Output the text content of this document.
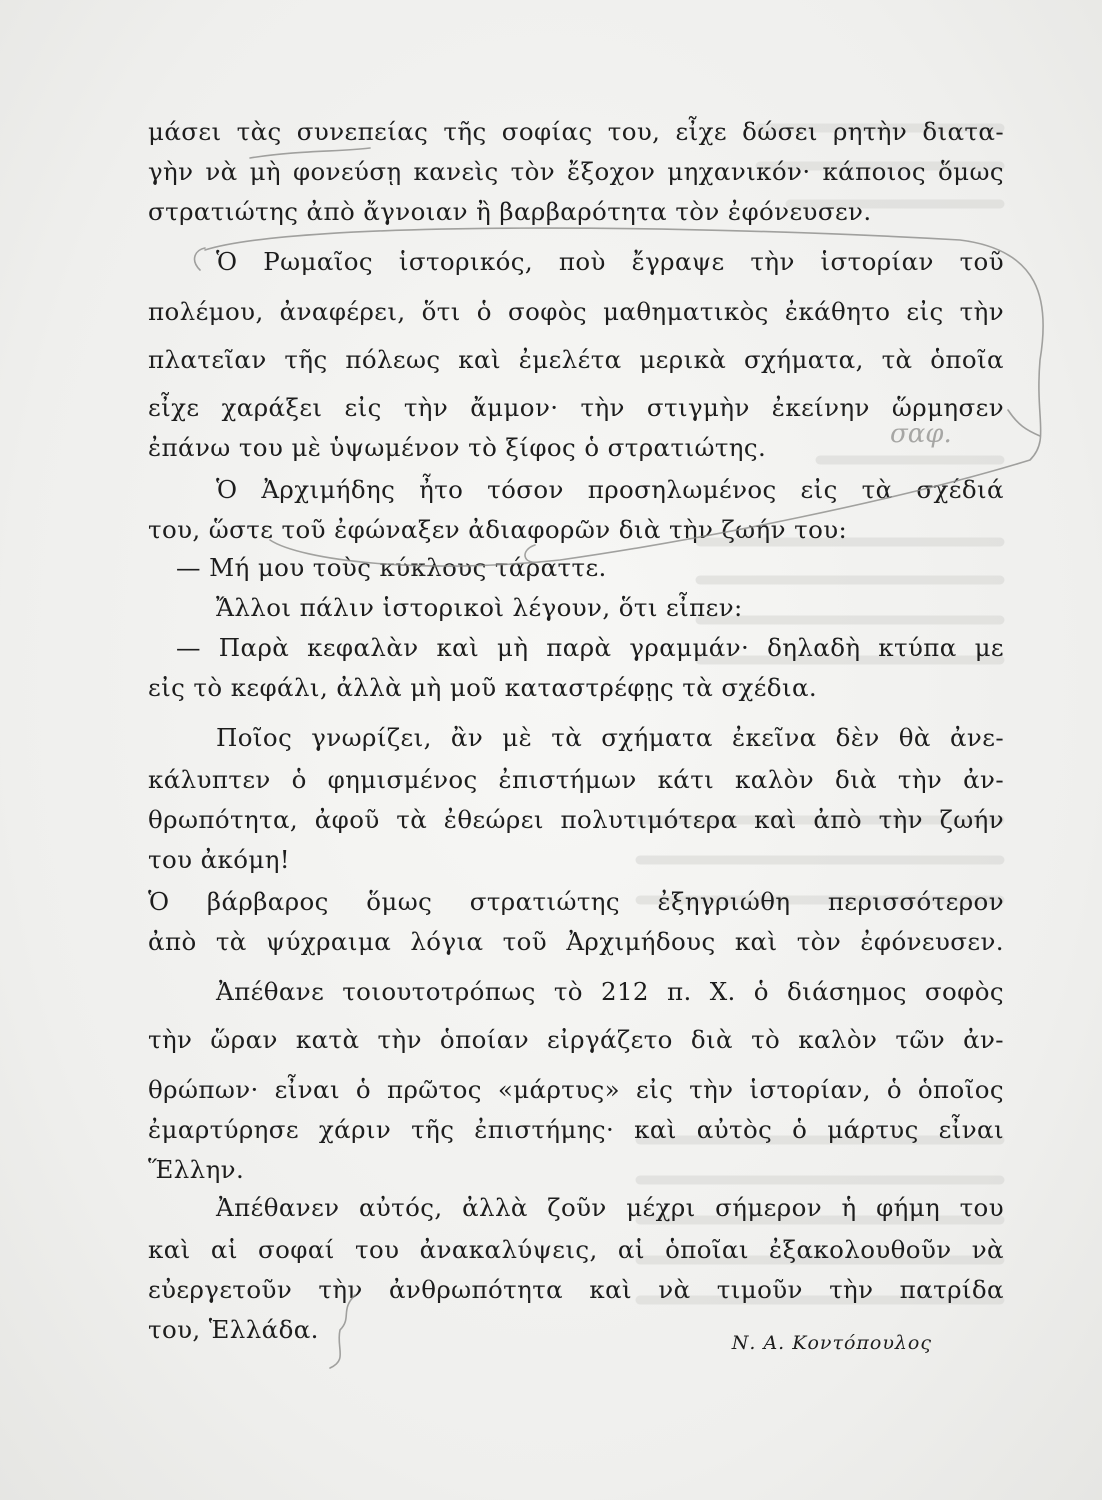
μάσει τὰς συνεπείας τῆς σοφίας του, εἶχε δώσει ρητὴν διατα-
γὴν νὰ μὴ φονεύσῃ κανεὶς τὸν ἔξοχον μηχανικόν· κάποιος ὅμως
στρατιώτης ἀπὸ ἄγνοιαν ἢ βαρβαρότητα τὸν ἐφόνευσεν.
Ὁ Ρωμαῖος ἱστορικός, ποὺ ἔγραψε τὴν ἱστορίαν τοῦ
πολέμου, ἀναφέρει, ὅτι ὁ σοφὸς μαθηματικὸς ἐκάθητο εἰς τὴν
πλατεῖαν τῆς πόλεως καὶ ἐμελέτα μερικὰ σχήματα, τὰ ὁποῖα
εἶχε χαράξει εἰς τὴν ἄμμον· τὴν στιγμὴν ἐκείνην ὥρμησεν
ἐπάνω του μὲ ὑψωμένον τὸ ξίφος ὁ στρατιώτης.
Ὁ Ἀρχιμήδης ἦτο τόσον προσηλωμένος εἰς τὰ σχέδιά
του, ὥστε τοῦ ἐφώναξεν ἀδιαφορῶν διὰ τὴν ζωήν του:
— Μή μου τοὺς κύκλους τάραττε.
Ἄλλοι πάλιν ἱστορικοὶ λέγουν, ὅτι εἶπεν:
— Παρὰ κεφαλὰν καὶ μὴ παρὰ γραμμάν· δηλαδὴ κτύπα με
εἰς τὸ κεφάλι, ἀλλὰ μὴ μοῦ καταστρέφῃς τὰ σχέδια.
Ποῖος γνωρίζει, ἂν μὲ τὰ σχήματα ἐκεῖνα δὲν θὰ ἀνε-
κάλυπτεν ὁ φημισμένος ἐπιστήμων κάτι καλὸν διὰ τὴν ἀν-
θρωπότητα, ἀφοῦ τὰ ἐθεώρει πολυτιμότερα καὶ ἀπὸ τὴν ζωήν
του ἀκόμη!
Ὁ βάρβαρος ὅμως στρατιώτης ἐξηγριώθη περισσότερον
ἀπὸ τὰ ψύχραιμα λόγια τοῦ Ἀρχιμήδους καὶ τὸν ἐφόνευσεν.
Ἀπέθανε τοιουτοτρόπως τὸ 212 π. Χ. ὁ διάσημος σοφὸς
τὴν ὥραν κατὰ τὴν ὁποίαν εἰργάζετο διὰ τὸ καλὸν τῶν ἀν-
θρώπων· εἶναι ὁ πρῶτος «μάρτυς» εἰς τὴν ἱστορίαν, ὁ ὁποῖος
ἐμαρτύρησε χάριν τῆς ἐπιστήμης· καὶ αὐτὸς ὁ μάρτυς εἶναι
Ἕλλην.
Ἀπέθανεν αὐτός, ἀλλὰ ζοῦν μέχρι σήμερον ἡ φήμη του
καὶ αἱ σοφαί του ἀνακαλύψεις, αἱ ὁποῖαι ἐξακολουθοῦν νὰ
εὐεργετοῦν τὴν ἀνθρωπότητα καὶ νὰ τιμοῦν τὴν πατρίδα
του, Ἑλλάδα.	Ν. Α. Κοντόπουλος
σαφ.
